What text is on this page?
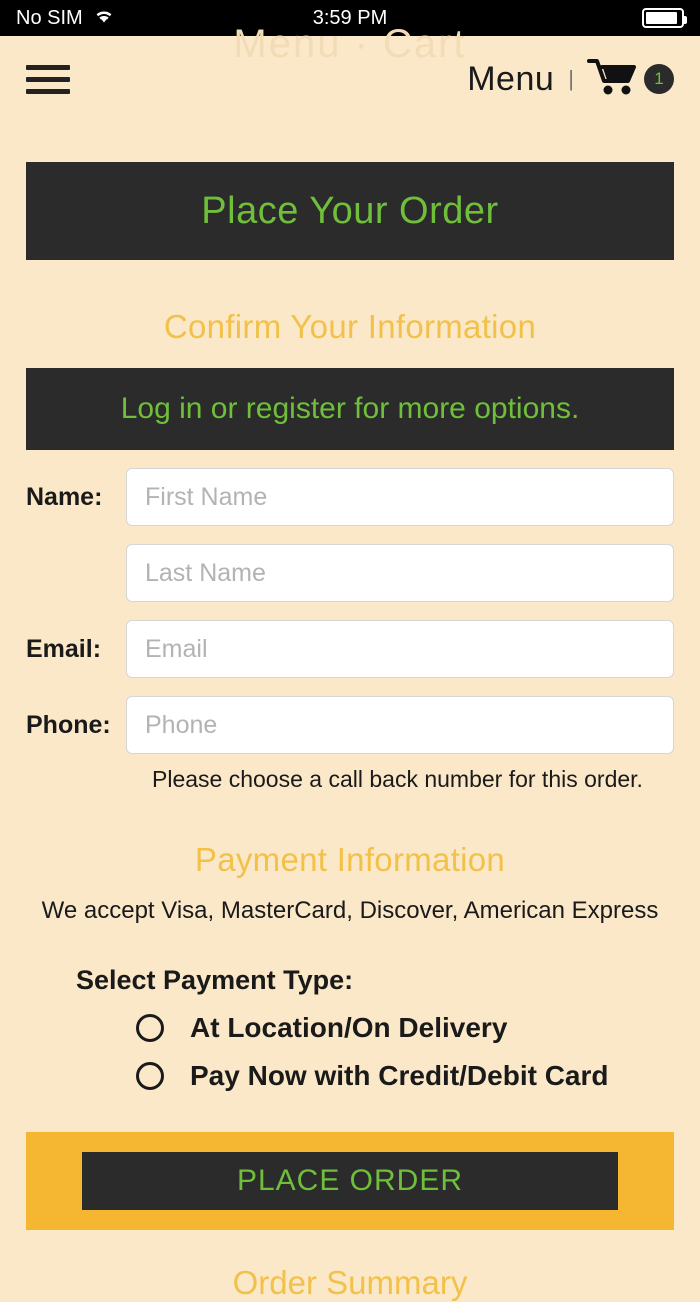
No SIM	3:59 PM
Menu · Cart
Menu |	1
Place Your Order
Confirm Your Information
Log in or register for more options.
Name:
First Name
Last Name
Email:
Email
Phone:
Phone
Please choose a call back number for this order.
Payment Information
We accept Visa, MasterCard, Discover, American Express
Select Payment Type:
At Location/On Delivery
Pay Now with Credit/Debit Card
PLACE ORDER
Order Summary
